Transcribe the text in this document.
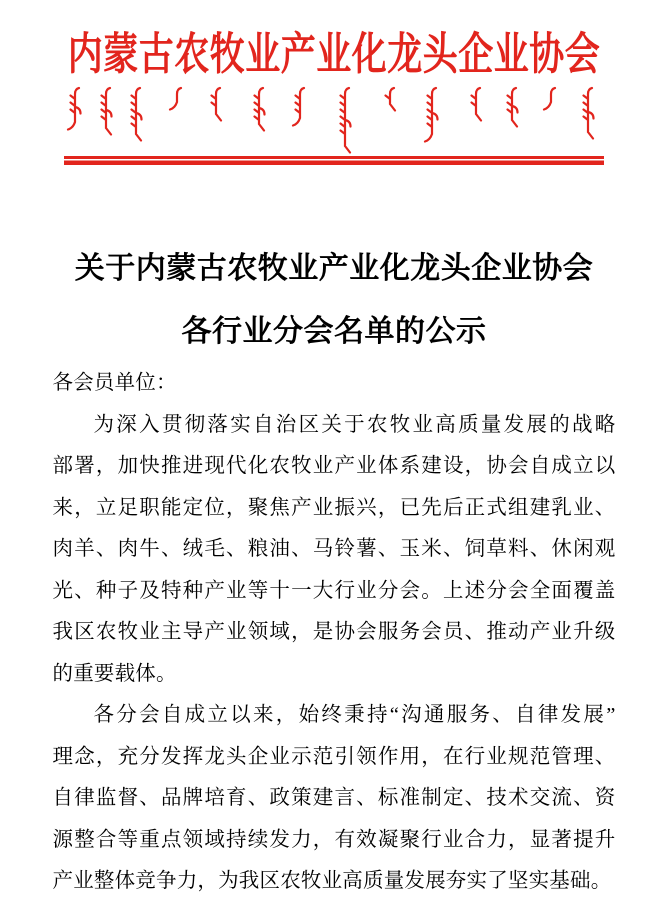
内蒙古农牧业产业化龙头企业协会
关于内蒙古农牧业产业化龙头企业协会
各行业分会名单的公示
各会员单位：
为深入贯彻落实自治区关于农牧业高质量发展的战略
部署，加快推进现代化农牧业产业体系建设，协会自成立以
来，立足职能定位，聚焦产业振兴，已先后正式组建乳业、
肉羊、肉牛、绒毛、粮油、马铃薯、玉米、饲草料、休闲观
光、种子及特种产业等十一大行业分会。上述分会全面覆盖
我区农牧业主导产业领域，是协会服务会员、推动产业升级
的重要载体。
各分会自成立以来，始终秉持“沟通服务、自律发展”
理念，充分发挥龙头企业示范引领作用，在行业规范管理、
自律监督、品牌培育、政策建言、标准制定、技术交流、资
源整合等重点领域持续发力，有效凝聚行业合力，显著提升
产业整体竞争力，为我区农牧业高质量发展夯实了坚实基础。
